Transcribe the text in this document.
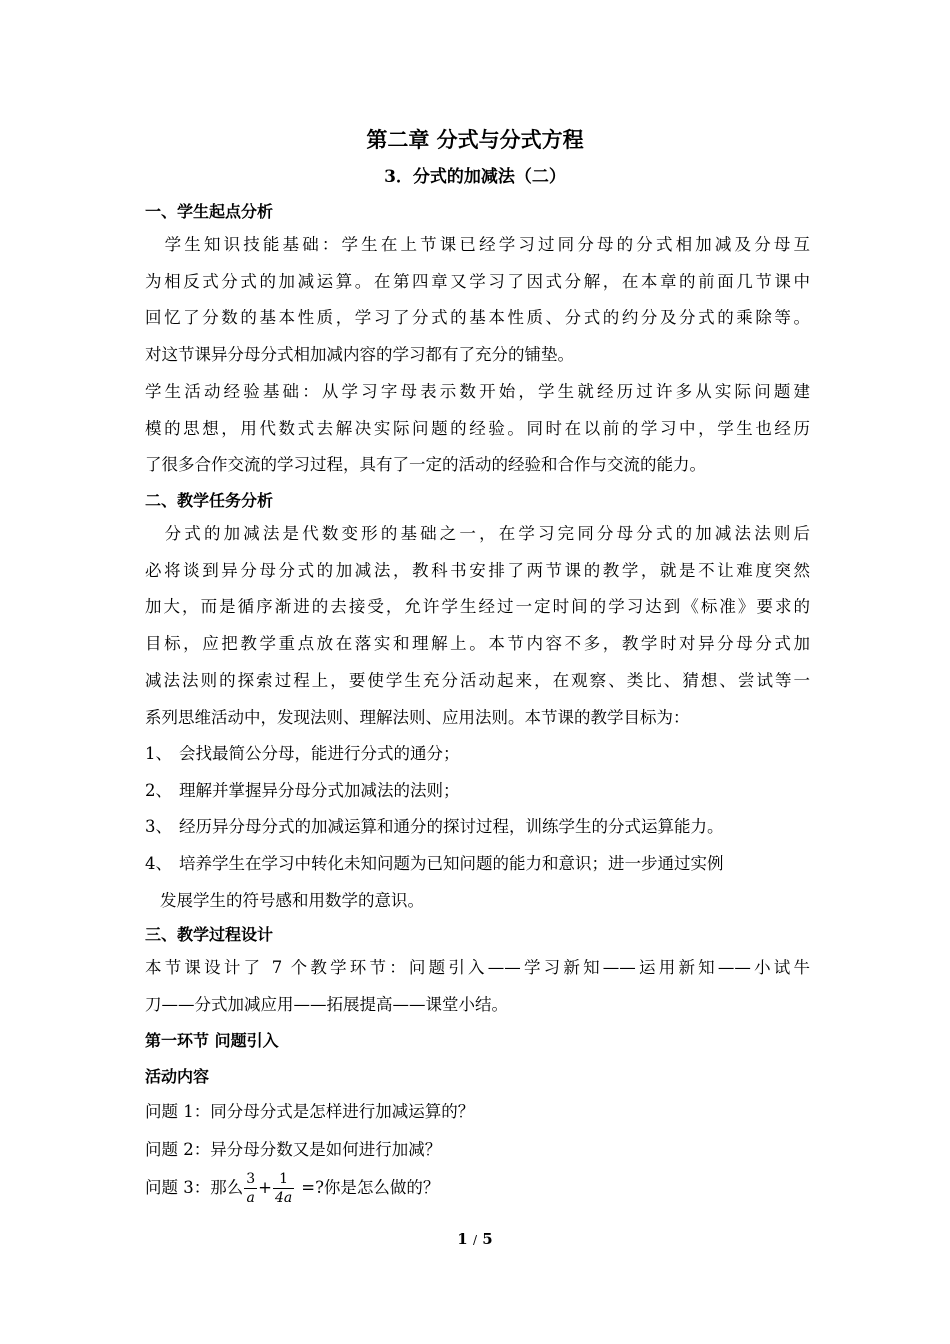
第二章 分式与分式方程
3．分式的加减法（二）
一、学生起点分析
　学生知识技能基础：学生在上节课已经学习过同分母的分式相加减及分母互
为相反式分式的加减运算。在第四章又学习了因式分解，在本章的前面几节课中
回忆了分数的基本性质，学习了分式的基本性质、分式的约分及分式的乘除等。
对这节课异分母分式相加减内容的学习都有了充分的铺垫。
学生活动经验基础：从学习字母表示数开始，学生就经历过许多从实际问题建
模的思想，用代数式去解决实际问题的经验。同时在以前的学习中，学生也经历
了很多合作交流的学习过程，具有了一定的活动的经验和合作与交流的能力。
二、教学任务分析
　分式的加减法是代数变形的基础之一，在学习完同分母分式的加减法法则后
必将谈到异分母分式的加减法，教科书安排了两节课的教学，就是不让难度突然
加大，而是循序渐进的去接受，允许学生经过一定时间的学习达到《标准》要求的
目标，应把教学重点放在落实和理解上。本节内容不多，教学时对异分母分式加
减法法则的探索过程上，要使学生充分活动起来，在观察、类比、猜想、尝试等一
系列思维活动中，发现法则、理解法则、应用法则。本节课的教学目标为：
1、 会找最简公分母，能进行分式的通分；
2、 理解并掌握异分母分式加减法的法则；
3、 经历异分母分式的加减运算和通分的探讨过程，训练学生的分式运算能力。
4、 培养学生在学习中转化未知问题为已知问题的能力和意识；进一步通过实例
发展学生的符号感和用数学的意识。
三、教学过程设计
本节课设计了 7 个教学环节：问题引入——学习新知——运用新知——小试牛
刀——分式加减应用——拓展提高——课堂小结。
第一环节 问题引入
活动内容
问题 1：同分母分式是怎样进行加减运算的？
问题 2：异分母分数又是如何进行加减？
问题 3：那么 $\frac{3}{a} + \frac{1}{4a}$ =?你是怎么做的？
1 / 5
